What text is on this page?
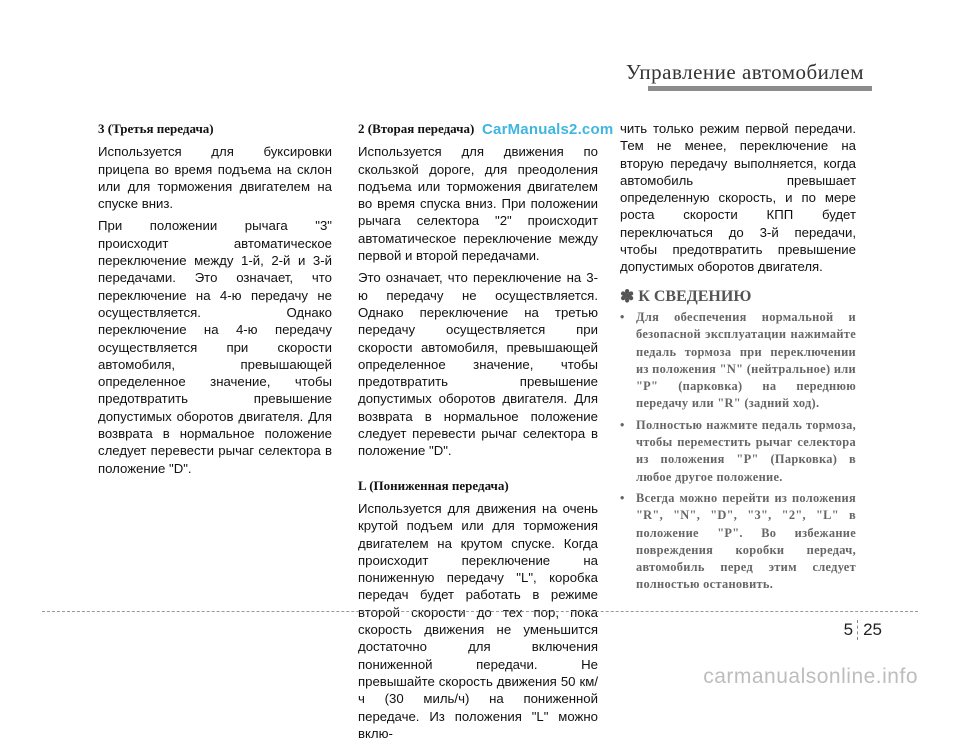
Управление автомобилем
3 (Третья передача)

Используется для буксировки прицепа во время подъема на склон или для торможения двигателем на спуске вниз.

При положении рычага "3" происходит автоматическое переключение между 1-й, 2-й и 3-й передачами. Это означает, что переключение на 4-ю передачу не осуществляется. Однако переключение на 4-ю передачу осуществляется при скорости автомобиля, превышающей определенное значение, чтобы предотвратить превышение допустимых оборотов двигателя. Для возврата в нормальное положение следует перевести рычаг селектора в положение "D".

CarManuals2.com
2 (Вторая передача)

Используется для движения по скользкой дороге, для преодоления подъема или торможения двигателем во время спуска вниз. При положении рычага селектора "2" происходит автоматическое переключение между первой и второй передачами.

Это означает, что переключение на 3-ю передачу не осуществляется. Однако переключение на третью передачу осуществляется при скорости автомобиля, превышающей определенное значение, чтобы предотвратить превышение допустимых оборотов двигателя. Для возврата в нормальное положение следует перевести рычаг селектора в положение "D".

L (Пониженная передача)

Используется для движения на очень крутой подъем или для торможения двигателем на крутом спуске. Когда происходит переключение на пониженную передачу "L", коробка передач будет работать в режиме второй скорости до тех пор, пока скорость движения не уменьшится достаточно для включения пониженной передачи. Не превышайте скорость движения 50 км/ч (30 миль/ч) на пониженной передаче. Из положения "L" можно вклю-

чить только режим первой передачи. Тем не менее, переключение на вторую передачу выполняется, когда автомобиль превышает определенную скорость, и по мере роста скорости КПП будет переключаться до 3-й передачи, чтобы предотвратить превышение допустимых оборотов двигателя.

✽ К СВЕДЕНИЮ
• Для обеспечения нормальной и безопасной эксплуатации нажимайте педаль тормоза при переключении из положения "N" (нейтральное) или "P" (парковка) на переднюю передачу или "R" (задний ход).
• Полностью нажмите педаль тормоза, чтобы переместить рычаг селектора из положения "P" (Парковка) в любое другое положение.
• Всегда можно перейти из положения "R", "N", "D", "3", "2", "L" в положение "P". Во избежание повреждения коробки передач, автомобиль перед этим следует полностью остановить.
5 25
carmanualsonline.info
